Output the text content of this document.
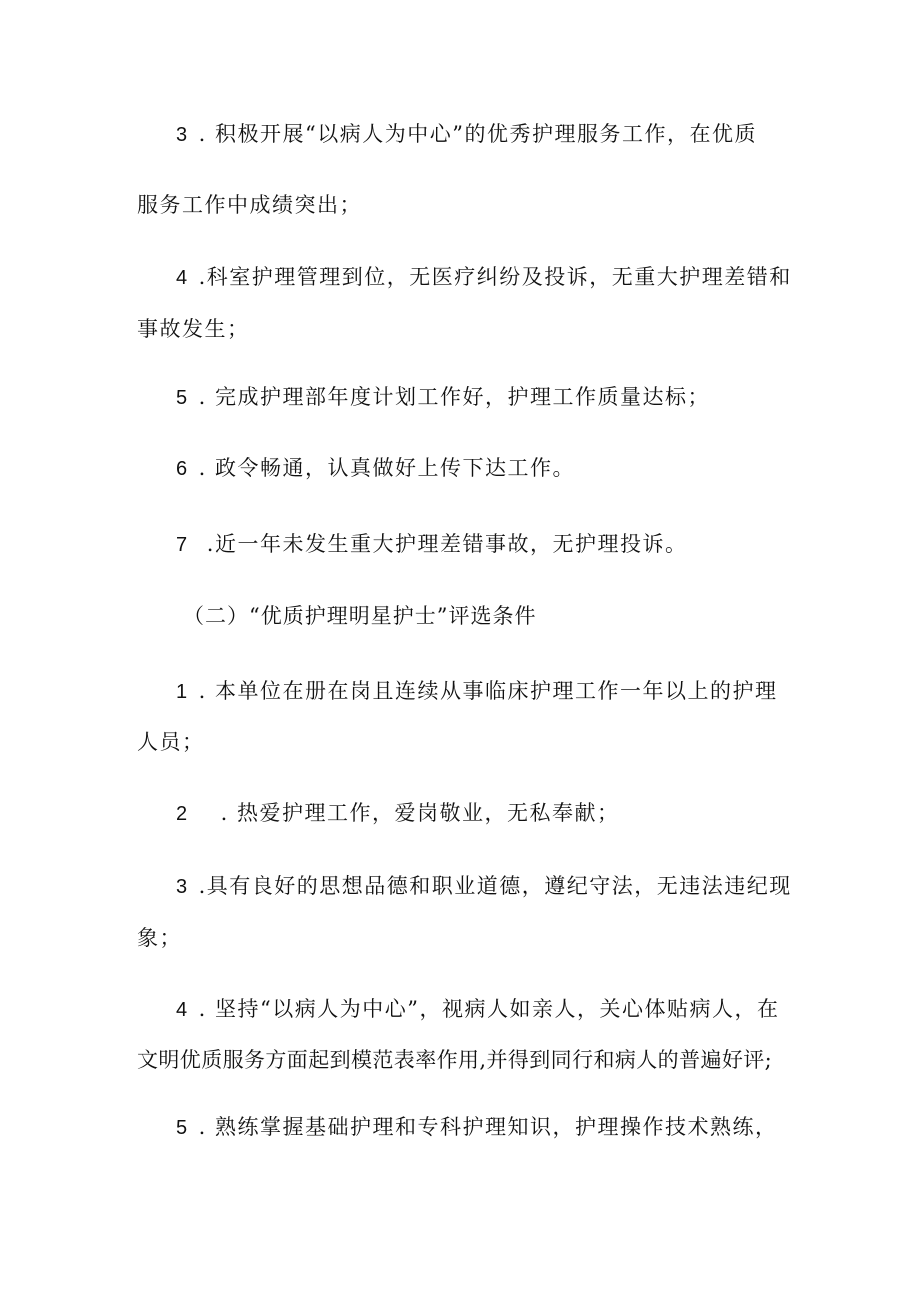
3 . 积极开展“以病人为中心”的优秀护理服务工作，在优质
服务工作中成绩突出；
4 .科室护理管理到位，无医疗纠纷及投诉，无重大护理差错和
事故发生；
5 . 完成护理部年度计划工作好，护理工作质量达标；
6 . 政令畅通，认真做好上传下达工作。
7 .近一年未发生重大护理差错事故，无护理投诉。
（二）“优质护理明星护士”评选条件
1 . 本单位在册在岗且连续从事临床护理工作一年以上的护理
人员；
2 . 热爱护理工作，爱岗敬业，无私奉献；
3 .具有良好的思想品德和职业道德，遵纪守法，无违法违纪现
象；
4 . 坚持“以病人为中心”，视病人如亲人，关心体贴病人，在
文明优质服务方面起到模范表率作用,并得到同行和病人的普遍好评;
5 . 熟练掌握基础护理和专科护理知识，护理操作技术熟练，
